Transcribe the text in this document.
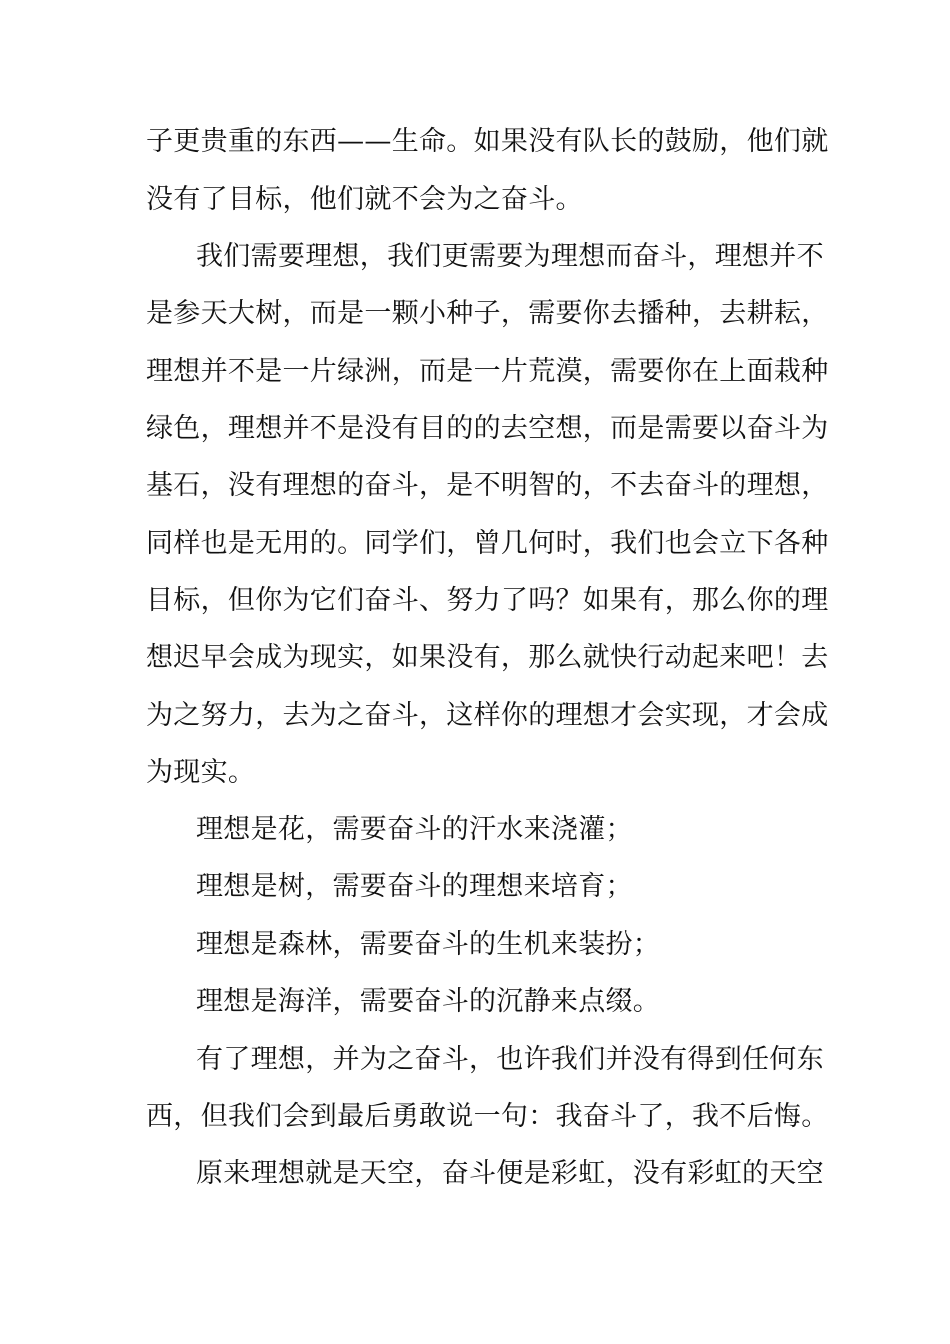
子更贵重的东西——生命。如果没有队长的鼓励，他们就
没有了目标，他们就不会为之奋斗。
我们需要理想，我们更需要为理想而奋斗，理想并不
是参天大树，而是一颗小种子，需要你去播种，去耕耘，
理想并不是一片绿洲，而是一片荒漠，需要你在上面栽种
绿色，理想并不是没有目的的去空想，而是需要以奋斗为
基石，没有理想的奋斗，是不明智的，不去奋斗的理想，
同样也是无用的。同学们，曾几何时，我们也会立下各种
目标，但你为它们奋斗、努力了吗？如果有，那么你的理
想迟早会成为现实，如果没有，那么就快行动起来吧！去
为之努力，去为之奋斗，这样你的理想才会实现，才会成
为现实。
理想是花，需要奋斗的汗水来浇灌；
理想是树，需要奋斗的理想来培育；
理想是森林，需要奋斗的生机来装扮；
理想是海洋，需要奋斗的沉静来点缀。
有了理想，并为之奋斗，也许我们并没有得到任何东
西，但我们会到最后勇敢说一句：我奋斗了，我不后悔。
原来理想就是天空，奋斗便是彩虹，没有彩虹的天空
